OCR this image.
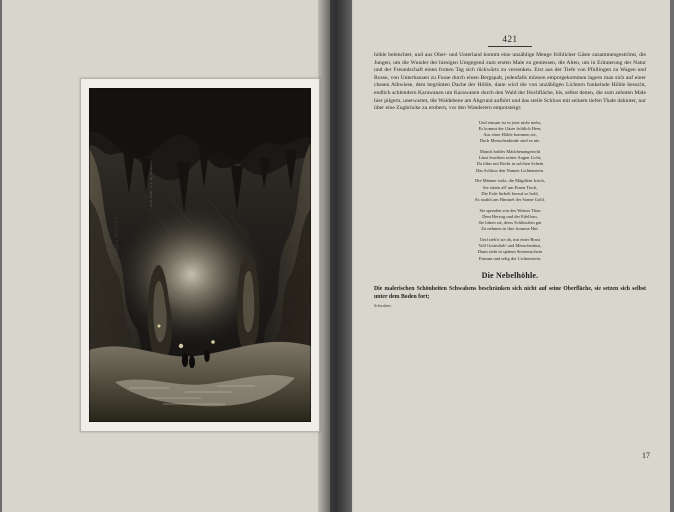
DIE NEBELHÖHLE.
Lith. Anst. v. J. G. Scheurer.
421
höhle belenchtet, und aus Ober- und Unterland kommt eine unzählige Menge fröhlicher Gäste zusammengeströmt, die Jungen, um die Wunder der hiesigen Umgegend zum ersten Male zu geniessen, die Alten, um in Erinnerung der Natur und der Freundschaft einen frohen Tag sich rückwärts zu versenken. Erst aus der Tiefe von Pfullingen zu Wagen und Rosse, von Unterhausen zu Fusse durch einen Bergspalt, jedenfalls müssen emporgekommen lagern man sich auf einer chesen Albwiese, dem begrünten Dache der Höhle, dann wird die von unzähligen Lichtern funkelnde Höhle besucht, endlich schlendern Karawanen um Karawanen durch den Wald der Hochfläche, bis, selbst denen, die zum zehnten Male hier pilgern, unerwartet, die Waldebene am Abgrund aufhört und das steile Schloss mit seinem tiefen Thale dahinter, nur über eine Zugbrücke zu erobern, vor den Wanderern emporsteigt:
Und einsam ist es jetzt nicht mehr,
Es kommt der Gäste fröhlich Heer,
Aus einer Höhle kommen sie,
Doch Menschenkinde sind es nie.
Manch holdes Mädchenangesicht
Lässt leuchten seiner Augen Licht;
Da führt mit Recht in solchen Schein
Das Schloss den Namen Lichtenstein.
Die Männer stolz, die Mägdlein frisch,
Sie sitzen all' um Einen Tisch,
Die Erde läckelt herauf so hold,
Es strahlt am Himmel der Sonne Gold.
Sie spenden von des Weines Thau
Dem Herzog und der Edelfrau,
Sie bitten sie, diess Schlüsslein gut
Zu nehmen in ihre fromme Hut.
Und zieh'n sie ab, mit einer Brust
Voll Gottesliab' und Menschenlust,
Dann steht in spätem Sternenschein
Einsam und selig der Lichtenstein.
Die Nebelhöhle.
Die malerischen Schönheiten Schwabens beschränken sich nicht auf seine Oberfläche, sie setzen sich selbst unter dem Boden fort;
Schwaben.
17
